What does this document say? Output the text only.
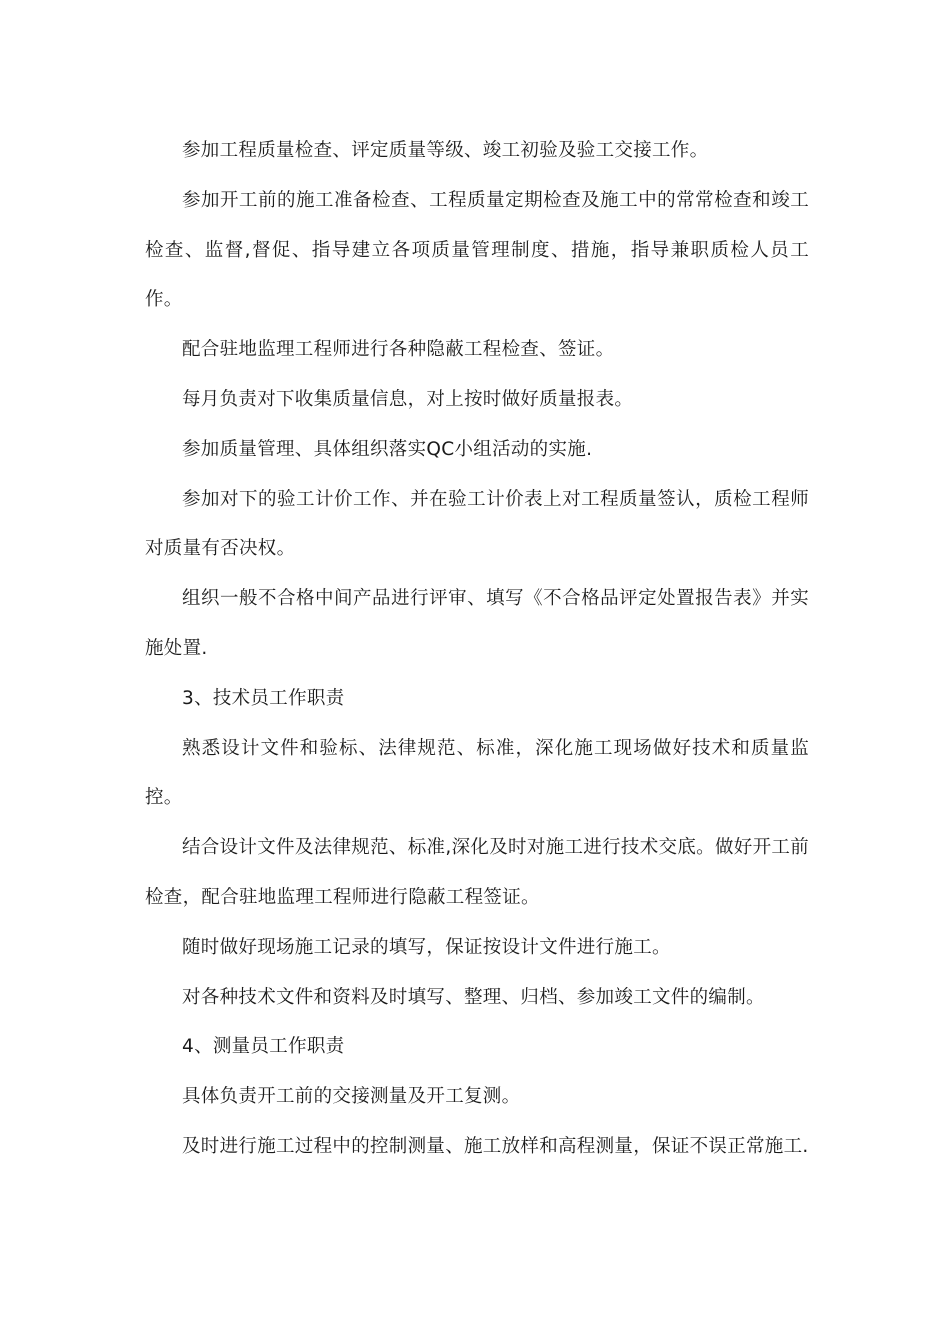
参加工程质量检查、评定质量等级、竣工初验及验工交接工作。

参加开工前的施工准备检查、工程质量定期检查及施工中的常常检查和竣工检查、监督,督促、指导建立各项质量管理制度、措施，指导兼职质检人员工作。

配合驻地监理工程师进行各种隐蔽工程检查、签证。

每月负责对下收集质量信息，对上按时做好质量报表。

参加质量管理、具体组织落实QC小组活动的实施.

参加对下的验工计价工作、并在验工计价表上对工程质量签认，质检工程师对质量有否决权。

组织一般不合格中间产品进行评审、填写《不合格品评定处置报告表》并实施处置.

3、技术员工作职责

熟悉设计文件和验标、法律规范、标准，深化施工现场做好技术和质量监控。

结合设计文件及法律规范、标准,深化及时对施工进行技术交底。做好开工前检查，配合驻地监理工程师进行隐蔽工程签证。

随时做好现场施工记录的填写，保证按设计文件进行施工。

对各种技术文件和资料及时填写、整理、归档、参加竣工文件的编制。

4、测量员工作职责

具体负责开工前的交接测量及开工复测。

及时进行施工过程中的控制测量、施工放样和高程测量，保证不误正常施工.
